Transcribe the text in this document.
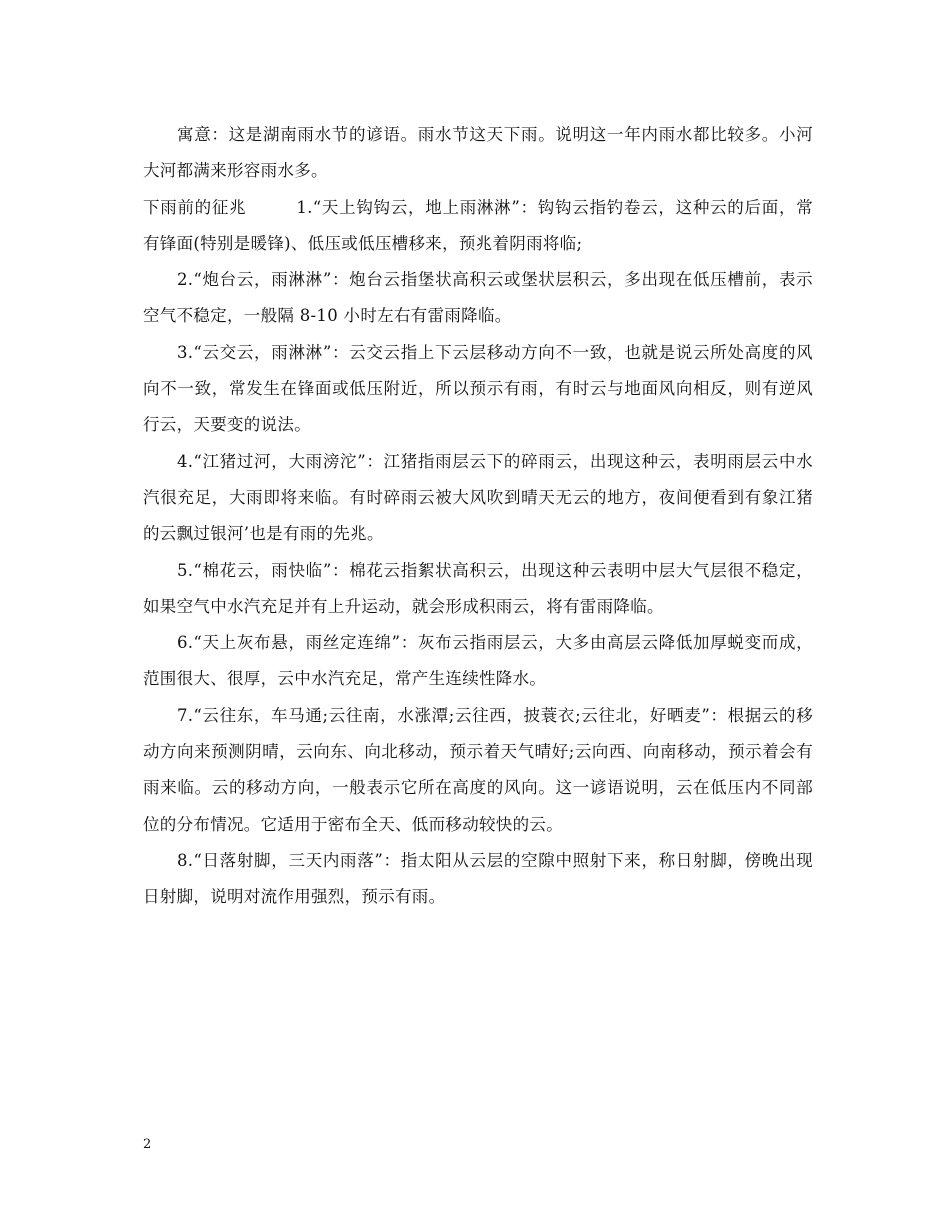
寓意：这是湖南雨水节的谚语。雨水节这天下雨。说明这一年内雨水都比较多。小河大河都满来形容雨水多。

下雨前的征兆	1.“天上钩钩云，地上雨淋淋”：钩钩云指钓卷云，这种云的后面，常有锋面(特别是暖锋)、低压或低压槽移来，预兆着阴雨将临;

2.“炮台云，雨淋淋”：炮台云指堡状高积云或堡状层积云，多出现在低压槽前，表示空气不稳定，一般隔 8-10 小时左右有雷雨降临。

3.“云交云，雨淋淋”：云交云指上下云层移动方向不一致，也就是说云所处高度的风向不一致，常发生在锋面或低压附近，所以预示有雨，有时云与地面风向相反，则有逆风行云，天要变的说法。

4.“江猪过河，大雨滂沱”：江猪指雨层云下的碎雨云，出现这种云，表明雨层云中水汽很充足，大雨即将来临。有时碎雨云被大风吹到晴天无云的地方，夜间便看到有象江猪的云飘过银河’也是有雨的先兆。

5.“棉花云，雨快临”：棉花云指絮状高积云，出现这种云表明中层大气层很不稳定，如果空气中水汽充足并有上升运动，就会形成积雨云，将有雷雨降临。

6.“天上灰布悬，雨丝定连绵”：灰布云指雨层云，大多由高层云降低加厚蜕变而成，范围很大、很厚，云中水汽充足，常产生连续性降水。

7.“云往东，车马通;云往南，水涨潭;云往西，披蓑衣;云往北，好晒麦”：根据云的移动方向来预测阴晴，云向东、向北移动，预示着天气晴好;云向西、向南移动，预示着会有雨来临。云的移动方向，一般表示它所在高度的风向。这一谚语说明，云在低压内不同部位的分布情况。它适用于密布全天、低而移动较快的云。

8.“日落射脚，三天内雨落”：指太阳从云层的空隙中照射下来，称日射脚，傍晚出现日射脚，说明对流作用强烈，预示有雨。

2
